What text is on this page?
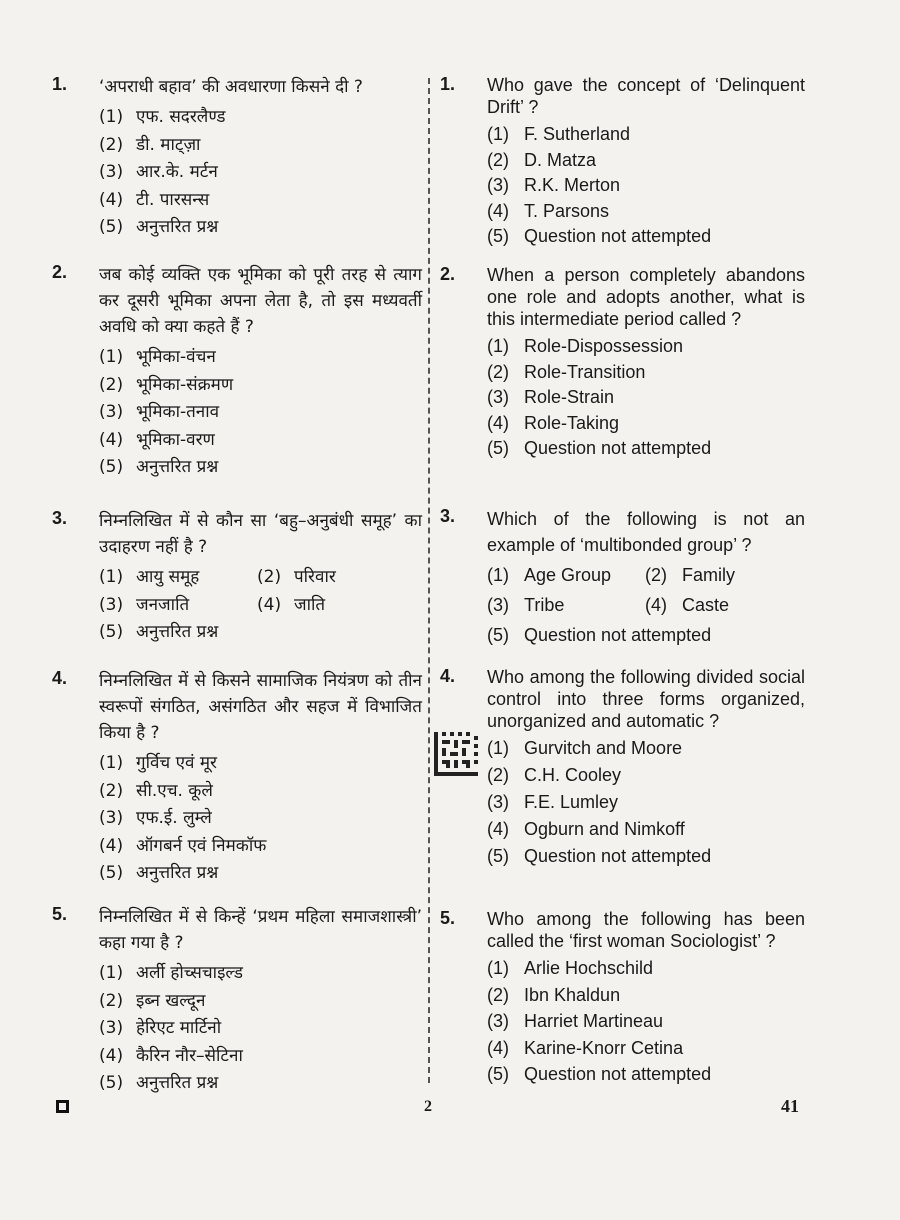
1. ‘अपराधी बहाव’ की अवधारणा किसने दी ?
(1) एफ. सदरलैण्ड
(2) डी. माट्ज़ा
(3) आर.के. मर्टन
(4) टी. पारसन्स
(5) अनुत्तरित प्रश्न
2. जब कोई व्यक्ति एक भूमिका को पूरी तरह से त्याग कर दूसरी भूमिका अपना लेता है, तो इस मध्यवर्ती अवधि को क्या कहते हैं ?
(1) भूमिका-वंचन
(2) भूमिका-संक्रमण
(3) भूमिका-तनाव
(4) भूमिका-वरण
(5) अनुत्तरित प्रश्न
3. निम्नलिखित में से कौन सा ‘बहु–अनुबंधी समूह’ का उदाहरण नहीं है ?
(1) आयु समूह	(2) परिवार
(3) जनजाति	(4) जाति
(5) अनुत्तरित प्रश्न
4. निम्नलिखित में से किसने सामाजिक नियंत्रण को तीन स्वरूपों संगठित, असंगठित और सहज में विभाजित किया है ?
(1) गुर्विच एवं मूर
(2) सी.एच. कूले
(3) एफ.ई. लुम्ले
(4) ऑगबर्न एवं निमकॉफ
(5) अनुत्तरित प्रश्न
5. निम्नलिखित में से किन्हें ‘प्रथम महिला समाजशास्त्री’ कहा गया है ?
(1) अर्ली होच्सचाइल्ड
(2) इब्न खल्दून
(3) हेरिएट मार्टिनो
(4) कैरिन नौर–सेटिना
(5) अनुत्तरित प्रश्न
1. Who gave the concept of ‘Delinquent Drift’ ?
(1) F. Sutherland
(2) D. Matza
(3) R.K. Merton
(4) T. Parsons
(5) Question not attempted
2. When a person completely abandons one role and adopts another, what is this intermediate period called ?
(1) Role-Dispossession
(2) Role-Transition
(3) Role-Strain
(4) Role-Taking
(5) Question not attempted
3. Which of the following is not an example of ‘multibonded group’ ?
(1) Age Group	(2) Family
(3) Tribe	(4) Caste
(5) Question not attempted
4. Who among the following divided social control into three forms organized, unorganized and automatic ?
(1) Gurvitch and Moore
(2) C.H. Cooley
(3) F.E. Lumley
(4) Ogburn and Nimkoff
(5) Question not attempted
5. Who among the following has been called the ‘first woman Sociologist’ ?
(1) Arlie Hochschild
(2) Ibn Khaldun
(3) Harriet Martineau
(4) Karine-Knorr Cetina
(5) Question not attempted
2	41
